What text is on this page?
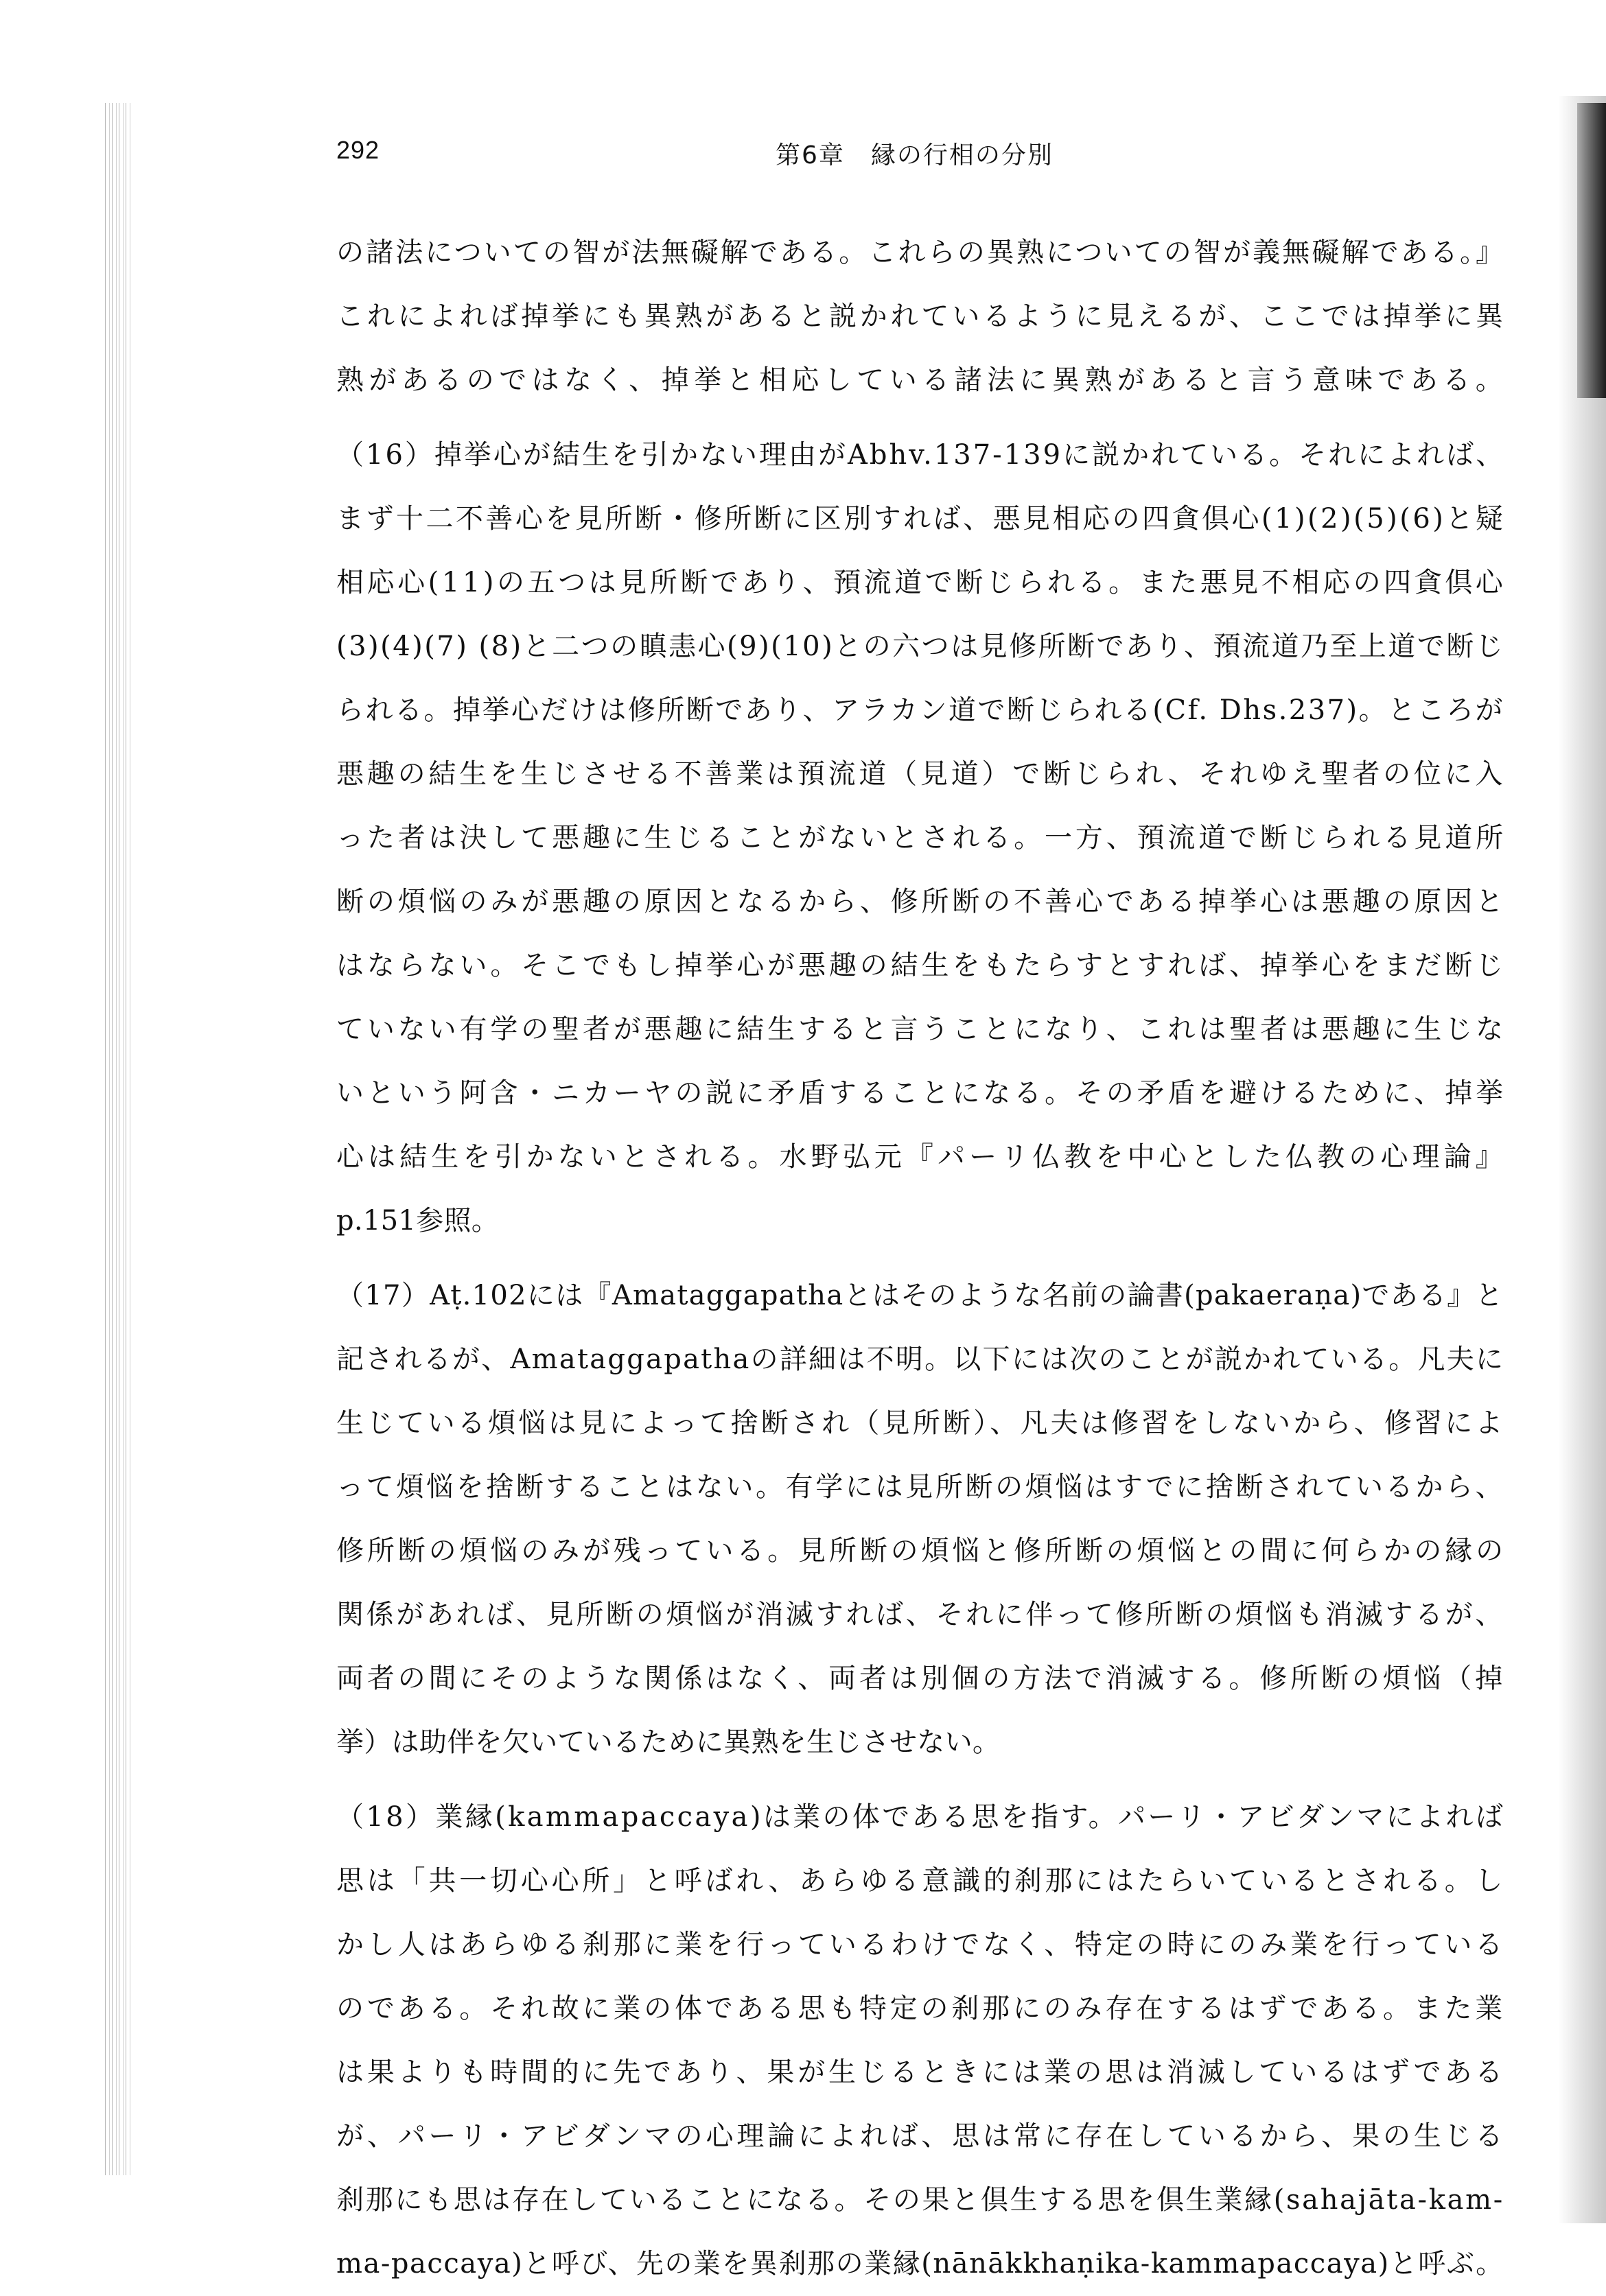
292	第6章　縁の行相の分別
の諸法についての智が法無礙解である。これらの異熟についての智が義無礙解である。』
これによれば掉挙にも異熟があると説かれているように見えるが、ここでは掉挙に異
熟があるのではなく、掉挙と相応している諸法に異熟があると言う意味である。
（16）掉挙心が結生を引かない理由がAbhv.137-139に説かれている。それによれば、
まず十二不善心を見所断・修所断に区別すれば、悪見相応の四貪倶心(1)(2)(5)(6)と疑
相応心(11)の五つは見所断であり、預流道で断じられる。また悪見不相応の四貪倶心
(3)(4)(7) (8)と二つの瞋恚心(9)(10)との六つは見修所断であり、預流道乃至上道で断じ
られる。掉挙心だけは修所断であり、アラカン道で断じられる(Cf. Dhs.237)。ところが
悪趣の結生を生じさせる不善業は預流道（見道）で断じられ、それゆえ聖者の位に入
った者は決して悪趣に生じることがないとされる。一方、預流道で断じられる見道所
断の煩悩のみが悪趣の原因となるから、修所断の不善心である掉挙心は悪趣の原因と
はならない。そこでもし掉挙心が悪趣の結生をもたらすとすれば、掉挙心をまだ断じ
ていない有学の聖者が悪趣に結生すると言うことになり、これは聖者は悪趣に生じな
いという阿含・ニカーヤの説に矛盾することになる。その矛盾を避けるために、掉挙
心は結生を引かないとされる。水野弘元『パーリ仏教を中心とした仏教の心理論』
p.151参照。
（17）Aṭ.102には『Amataggapathaとはそのような名前の論書(pakaeraṇa)である』と
記されるが、Amataggapathaの詳細は不明。以下には次のことが説かれている。凡夫に
生じている煩悩は見によって捨断され（見所断）、凡夫は修習をしないから、修習によ
って煩悩を捨断することはない。有学には見所断の煩悩はすでに捨断されているから、
修所断の煩悩のみが残っている。見所断の煩悩と修所断の煩悩との間に何らかの縁の
関係があれば、見所断の煩悩が消滅すれば、それに伴って修所断の煩悩も消滅するが、
両者の間にそのような関係はなく、両者は別個の方法で消滅する。修所断の煩悩（掉
挙）は助伴を欠いているために異熟を生じさせない。
（18）業縁(kammapaccaya)は業の体である思を指す。パーリ・アビダンマによれば
思は「共一切心心所」と呼ばれ、あらゆる意識的刹那にはたらいているとされる。し
かし人はあらゆる刹那に業を行っているわけでなく、特定の時にのみ業を行っている
のである。それ故に業の体である思も特定の刹那にのみ存在するはずである。また業
は果よりも時間的に先であり、果が生じるときには業の思は消滅しているはずである
が、パーリ・アビダンマの心理論によれば、思は常に存在しているから、果の生じる
刹那にも思は存在していることになる。その果と倶生する思を倶生業縁(sahajāta-kam-
ma-paccaya)と呼び、先の業を異刹那の業縁(nānākkhaṇika-kammapaccaya)と呼ぶ。
